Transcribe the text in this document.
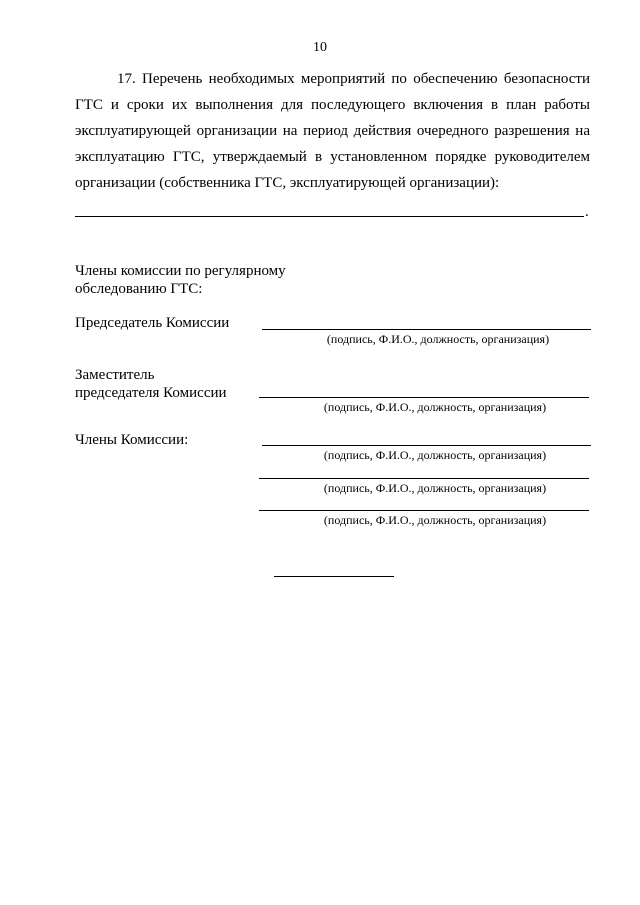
10
17. Перечень необходимых мероприятий по обеспечению безопасности ГТС и сроки их выполнения для последующего включения в план работы эксплуатирующей организации на период действия очередного разрешения на эксплуатацию ГТС, утверждаемый в установленном порядке руководителем организации (собственника ГТС, эксплуатирующей организации):
.
Члены комиссии по регулярному
обследованию ГТС:
Председатель Комиссии
(подпись, Ф.И.О., должность, организация)
Заместитель
председателя Комиссии
(подпись, Ф.И.О., должность, организация)
Члены Комиссии:
(подпись, Ф.И.О., должность, организация)
(подпись, Ф.И.О., должность, организация)
(подпись, Ф.И.О., должность, организация)
